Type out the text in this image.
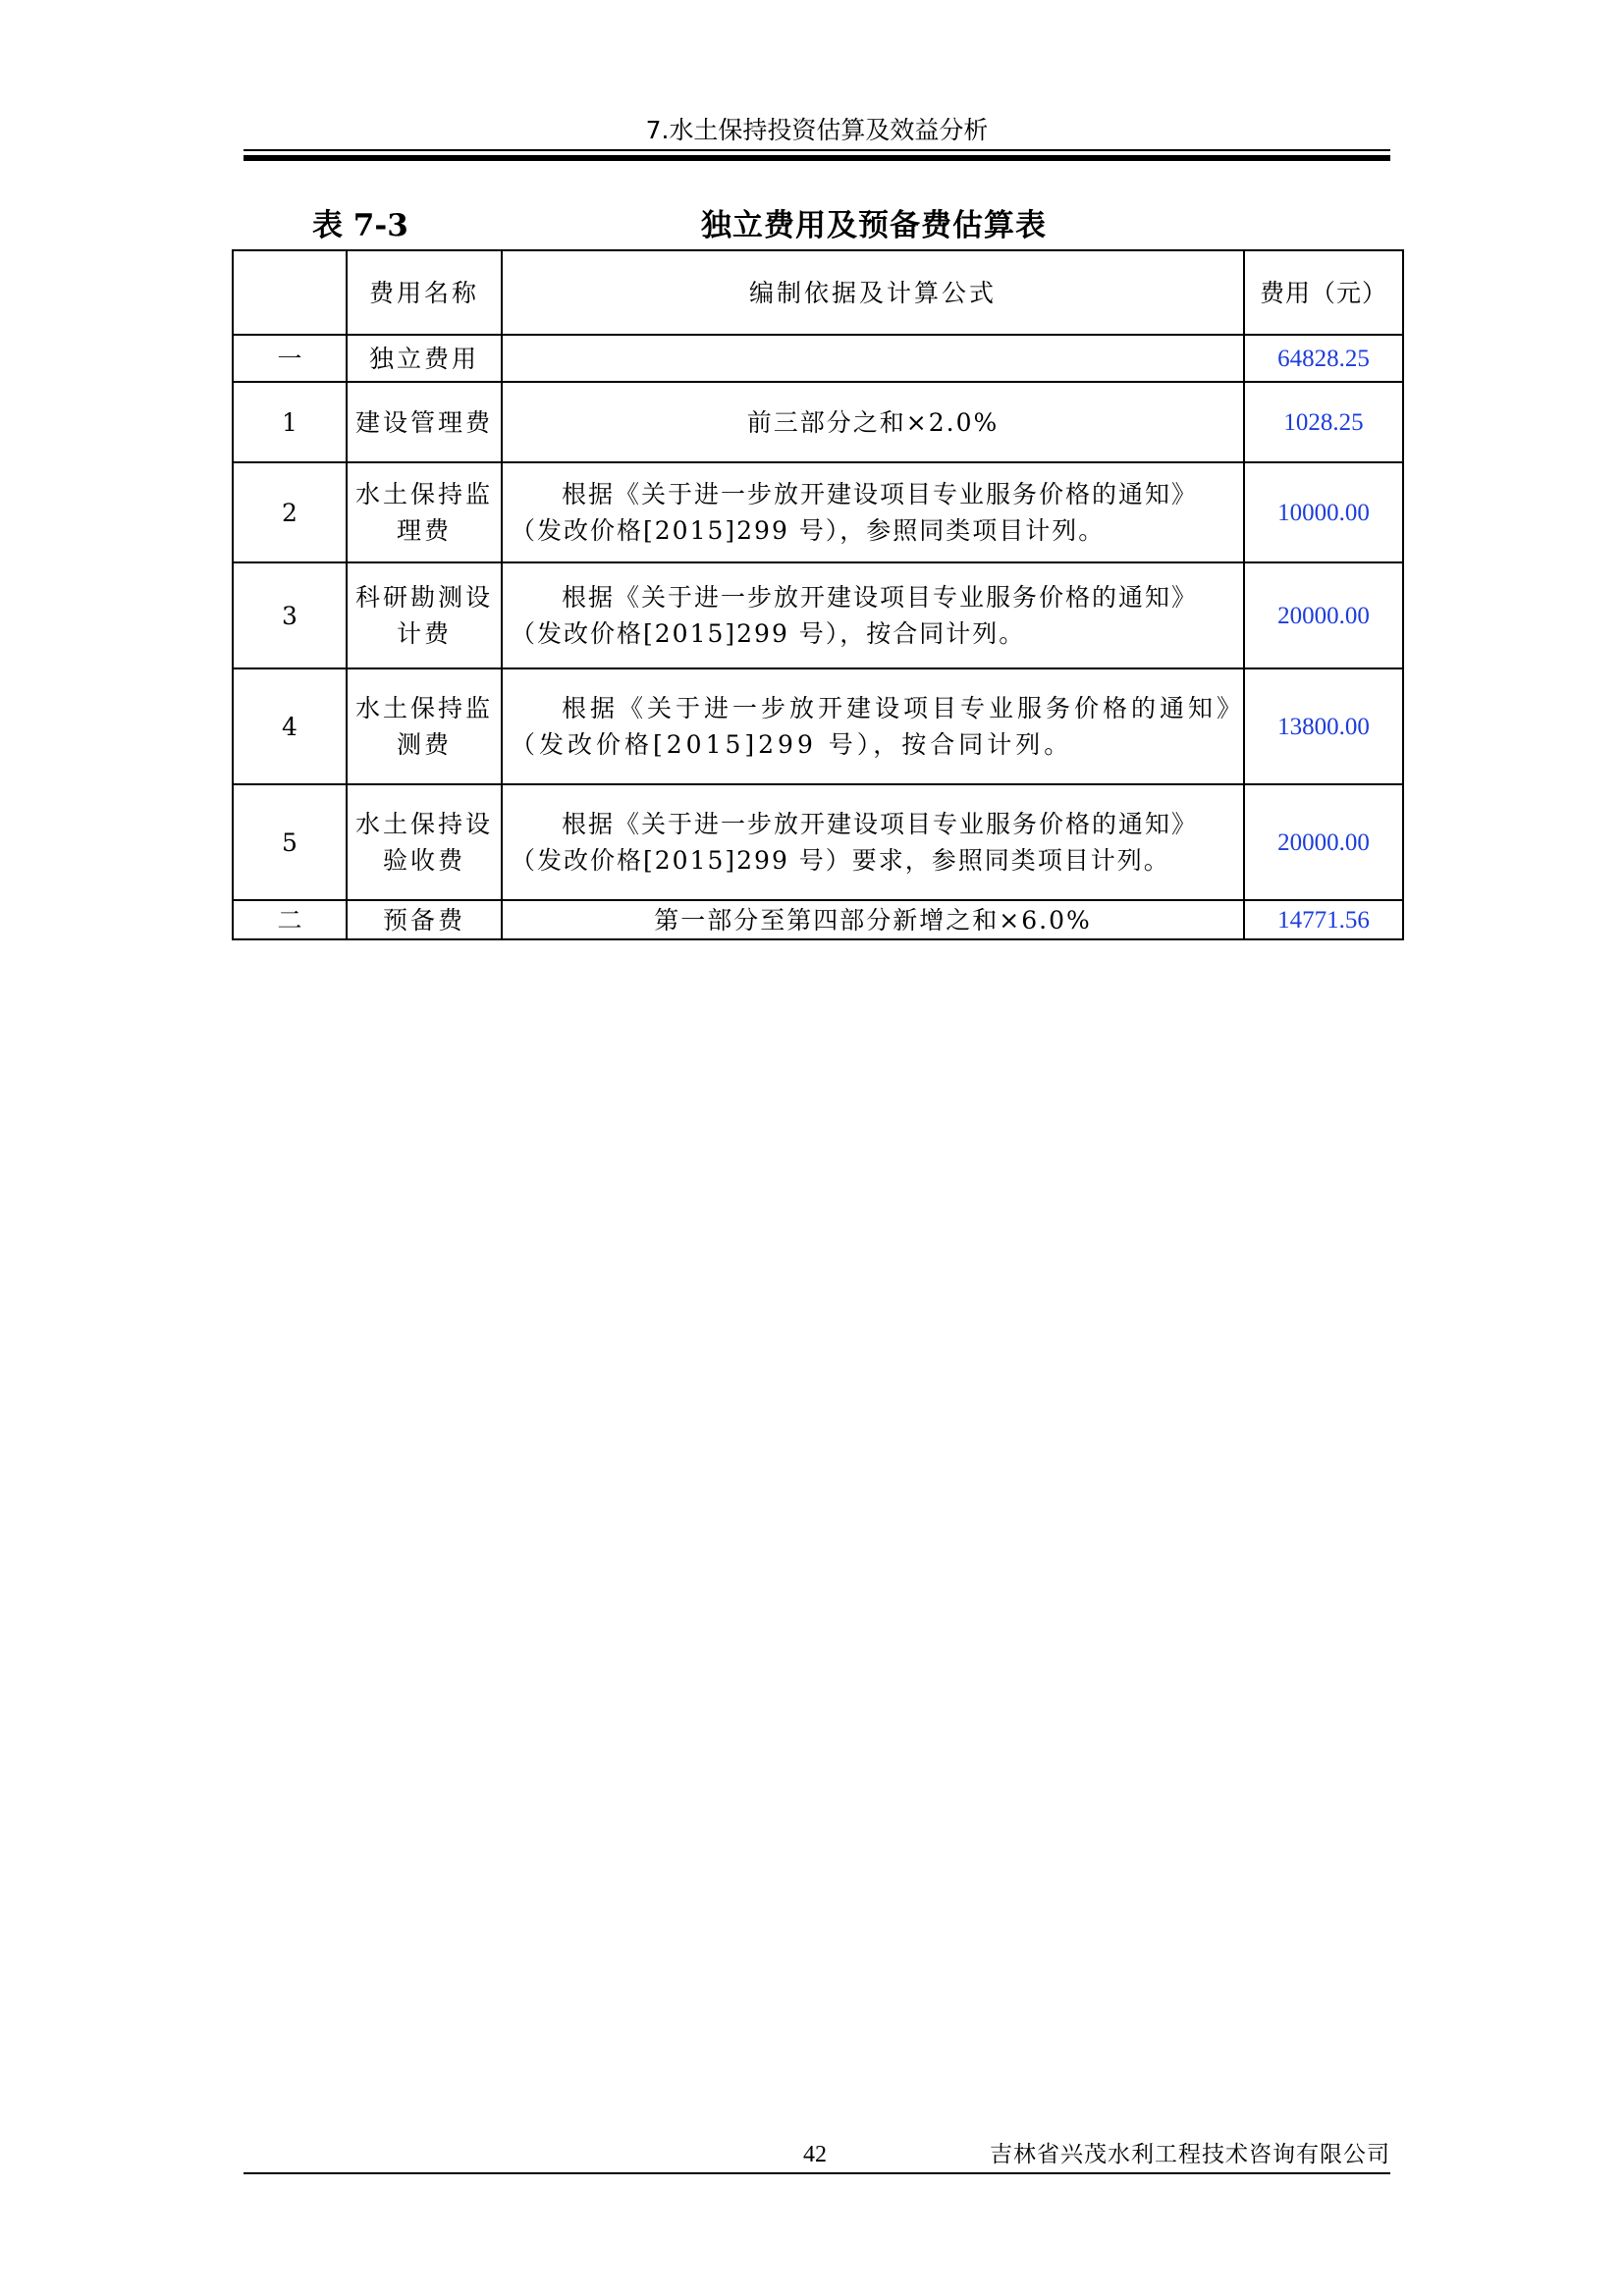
7.水土保持投资估算及效益分析
表 7-3	独立费用及预备费估算表
	费用名称	编制依据及计算公式	费用（元）
一	独立费用		64828.25
1	建设管理费	前三部分之和×2.0%	1028.25
2	水土保持监理费	根据《关于进一步放开建设项目专业服务价格的通知》（发改价格[2015]299 号），参照同类项目计列。	10000.00
3	科研勘测设计费	根据《关于进一步放开建设项目专业服务价格的通知》（发改价格[2015]299 号），按合同计列。	20000.00
4	水土保持监测费	根据《关于进一步放开建设项目专业服务价格的通知》（发改价格[2015]299 号），按合同计列。	13800.00
5	水土保持设验收费	根据《关于进一步放开建设项目专业服务价格的通知》（发改价格[2015]299 号）要求，参照同类项目计列。	20000.00
二	预备费	第一部分至第四部分新增之和×6.0%	14771.56
42	吉林省兴茂水利工程技术咨询有限公司
